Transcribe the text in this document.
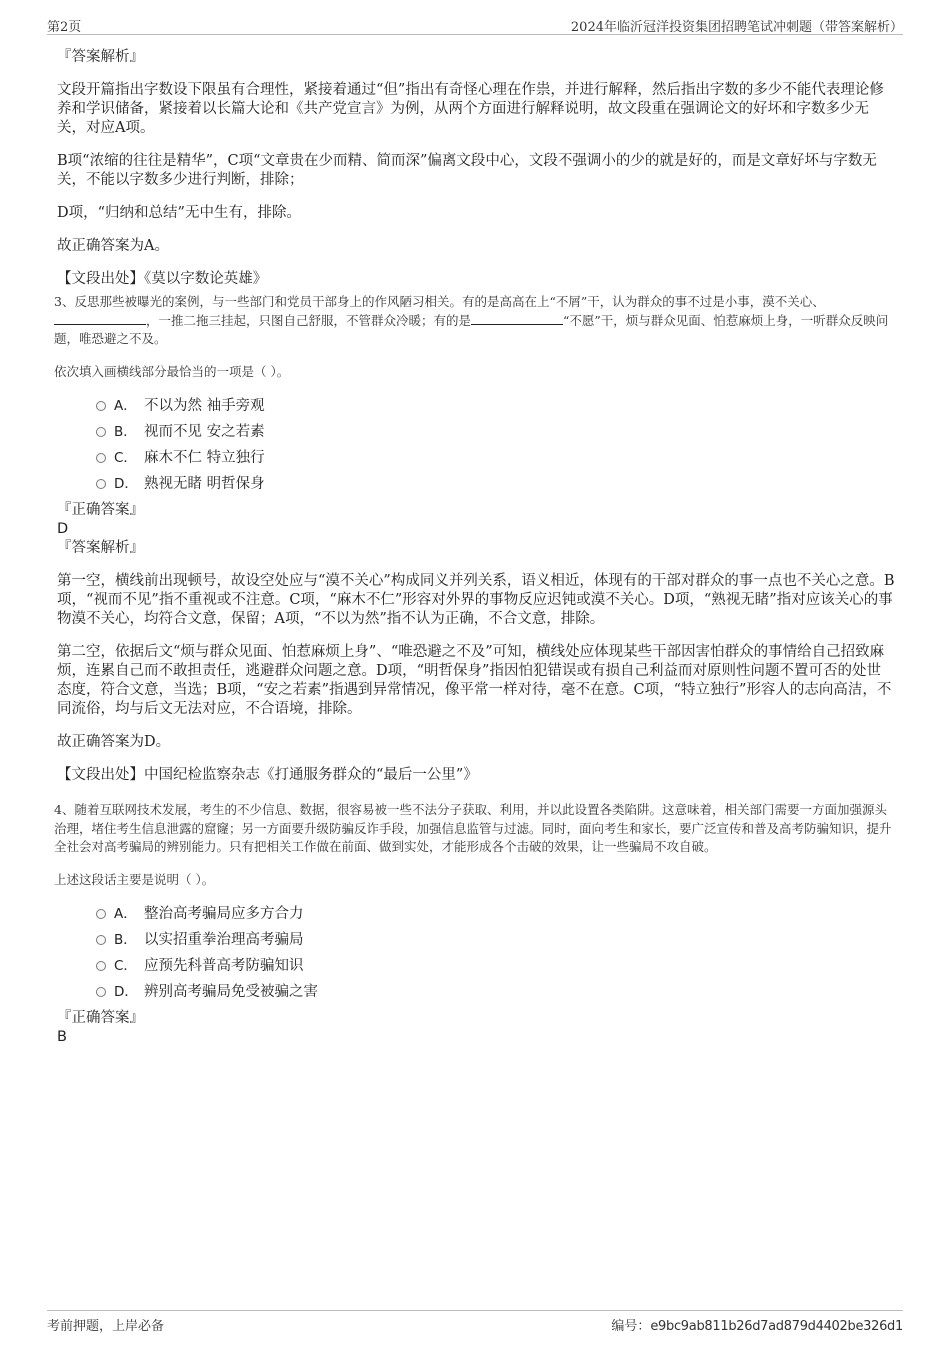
第2页	2024年临沂冠洋投资集团招聘笔试冲刺题（带答案解析）

『答案解析』

文段开篇指出字数设下限虽有合理性，紧接着通过“但”指出有奇怪心理在作祟，并进行解释，然后指出字数的多少不能代表理论修养和学识储备，紧接着以长篇大论和《共产党宣言》为例，从两个方面进行解释说明，故文段重在强调论文的好坏和字数多少无关，对应A项。

B项“浓缩的往往是精华”，C项“文章贵在少而精、简而深”偏离文段中心，文段不强调小的少的就是好的，而是文章好坏与字数无关，不能以字数多少进行判断，排除；

D项，“归纳和总结”无中生有，排除。

故正确答案为A。

【文段出处】《莫以字数论英雄》

3、反思那些被曝光的案例，与一些部门和党员干部身上的作风陋习相关。有的是高高在上“不屑”干，认为群众的事不过是小事，漠不关心、，一推二拖三挂起，只图自己舒服，不管群众冷暖；有的是	“不愿”干，烦与群众见面、怕惹麻烦上身，一听群众反映问题，唯恐避之不及。

依次填入画横线部分最恰当的一项是（ ）。

A． 不以为然 袖手旁观
B． 视而不见 安之若素
C． 麻木不仁 特立独行
D． 熟视无睹 明哲保身

『正确答案』

D

『答案解析』

第一空，横线前出现顿号，故设空处应与“漠不关心”构成同义并列关系，语义相近，体现有的干部对群众的事一点也不关心之意。B项，“视而不见”指不重视或不注意。C项，“麻木不仁”形容对外界的事物反应迟钝或漠不关心。D项，“熟视无睹”指对应该关心的事物漠不关心，均符合文意，保留；A项，“不以为然”指不认为正确，不合文意，排除。

第二空，依据后文“烦与群众见面、怕惹麻烦上身”、“唯恐避之不及”可知，横线处应体现某些干部因害怕群众的事情给自己招致麻烦，连累自己而不敢担责任，逃避群众问题之意。D项，“明哲保身”指因怕犯错误或有损自己利益而对原则性问题不置可否的处世态度，符合文意，当选；B项，“安之若素”指遇到异常情况，像平常一样对待，毫不在意。C项，“特立独行”形容人的志向高洁，不同流俗，均与后文无法对应，不合语境，排除。

故正确答案为D。

【文段出处】中国纪检监察杂志《打通服务群众的“最后一公里”》

4、随着互联网技术发展，考生的不少信息、数据，很容易被一些不法分子获取、利用，并以此设置各类陷阱。这意味着，相关部门需要一方面加强源头治理，堵住考生信息泄露的窟窿；另一方面要升级防骗反诈手段，加强信息监管与过滤。同时，面向考生和家长，要广泛宣传和普及高考防骗知识，提升全社会对高考骗局的辨别能力。只有把相关工作做在前面、做到实处，才能形成各个击破的效果，让一些骗局不攻自破。

上述这段话主要是说明（ ）。

A． 整治高考骗局应多方合力
B． 以实招重拳治理高考骗局
C． 应预先科普高考防骗知识
D． 辨别高考骗局免受被骗之害

『正确答案』

B

考前押题，上岸必备	编号：e9bc9ab811b26d7ad879d4402be326d1
